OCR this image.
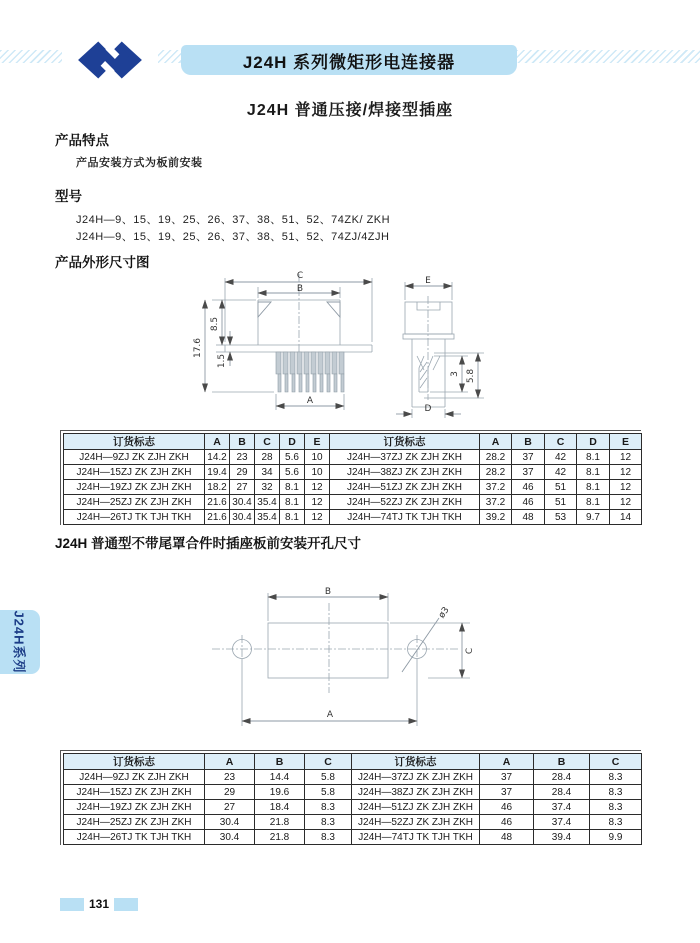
J24H 系列微矩形电连接器
J24H 普通压接/焊接型插座
产品特点
产品安装方式为板前安装
型号
J24H—9、15、19、25、26、37、38、51、52、74ZK/ ZKH
J24H—9、15、19、25、26、37、38、51、52、74ZJ/4ZJH
产品外形尺寸图
C
B
17.6
8.5
1.5
A
E
3 5.8
D
J24H 普通型不带尾罩合件时插座板前安装开孔尺寸
B
A
C
ø3
订货标志	A	B	C	D	E	订货标志	A	B	C	D	E
J24H—9ZJ ZK ZJH ZKH	14.2	23	28	5.6	10	J24H—37ZJ ZK ZJH ZKH	28.2	37	42	8.1	12
J24H—15ZJ ZK ZJH ZKH	19.4	29	34	5.6	10	J24H—38ZJ ZK ZJH ZKH	28.2	37	42	8.1	12
J24H—19ZJ ZK ZJH ZKH	18.2	27	32	8.1	12	J24H—51ZJ ZK ZJH ZKH	37.2	46	51	8.1	12
J24H—25ZJ ZK ZJH ZKH	21.6	30.4	35.4	8.1	12	J24H—52ZJ ZK ZJH ZKH	37.2	46	51	8.1	12
J24H—26TJ TK TJH TKH	21.6	30.4	35.4	8.1	12	J24H—74TJ TK TJH TKH	39.2	48	53	9.7	14
订货标志	A	B	C	订货标志	A	B	C
J24H—9ZJ ZK ZJH ZKH	23	14.4	5.8	J24H—37ZJ ZK ZJH ZKH	37	28.4	8.3
J24H—15ZJ ZK ZJH ZKH	29	19.6	5.8	J24H—38ZJ ZK ZJH ZKH	37	28.4	8.3
J24H—19ZJ ZK ZJH ZKH	27	18.4	8.3	J24H—51ZJ ZK ZJH ZKH	46	37.4	8.3
J24H—25ZJ ZK ZJH ZKH	30.4	21.8	8.3	J24H—52ZJ ZK ZJH ZKH	46	37.4	8.3
J24H—26TJ TK TJH TKH	30.4	21.8	8.3	J24H—74TJ TK TJH TKH	48	39.4	9.9
J24H系列
131
